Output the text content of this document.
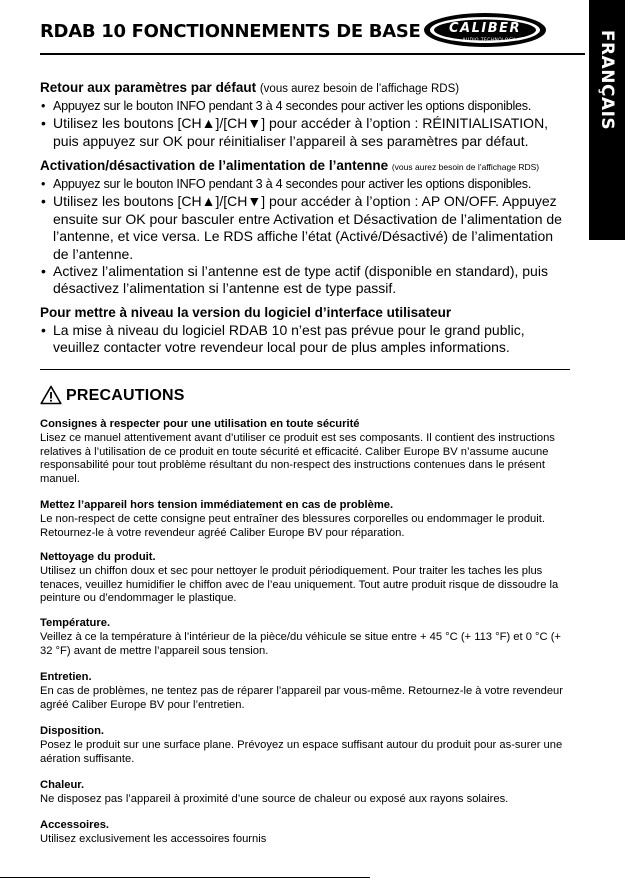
RDAB 10 FONCTIONNEMENTS DE BASE CALIBER
AUDIO TECHNOLOGY	FRANÇAIS
Retour aux paramètres par défaut (vous aurez besoin de l’affichage RDS)
• Appuyez sur le bouton INFO pendant 3 à 4 secondes pour activer les options disponibles.
• Utilisez les boutons [CH▲]/[CH▼] pour accéder à l’option : RÉINITIALISATION, puis appuyez sur OK pour réinitialiser l’appareil à ses paramètres par défaut.
Activation/désactivation de l’alimentation de l’antenne (vous aurez besoin de l’affichage RDS)
• Appuyez sur le bouton INFO pendant 3 à 4 secondes pour activer les options disponibles.
• Utilisez les boutons [CH▲]/[CH▼] pour accéder à l’option : AP ON/OFF. Appuyez ensuite sur OK pour basculer entre Activation et Désactivation de l’alimentation de l’antenne, et vice versa. Le RDS affiche l’état (Activé/Désactivé) de l’alimentation de l’antenne.
• Activez l’alimentation si l’antenne est de type actif (disponible en standard), puis désactivez l’alimentation si l’antenne est de type passif.
Pour mettre à niveau la version du logiciel d’interface utilisateur
• La mise à niveau du logiciel RDAB 10 n’est pas prévue pour le grand public, veuillez contacter votre revendeur local pour de plus amples informations.
PRECAUTIONS
Consignes à respecter pour une utilisation en toute sécurité
Lisez ce manuel attentivement avant d’utiliser ce produit est ses composants. Il contient des instructions relatives à l’utilisation de ce produit en toute sécurité et efficacité. Caliber Europe BV n’assume aucune responsabilité pour tout problème résultant du non-respect des instructions contenues dans le présent manuel.
Mettez l’appareil hors tension immédiatement en cas de problème.
Le non-respect de cette consigne peut entraîner des blessures corporelles ou endommager le produit. Retournez-le à votre revendeur agréé Caliber Europe BV pour réparation.
Nettoyage du produit.
Utilisez un chiffon doux et sec pour nettoyer le produit périodiquement. Pour traiter les taches les plus tenaces, veuillez humidifier le chiffon avec de l’eau uniquement. Tout autre produit risque de dissoudre la peinture ou d’endommager le plastique.
Température.
Veillez à ce la température à l’intérieur de la pièce/du véhicule se situe entre + 45 °C (+ 113 °F) et 0 °C (+ 32 °F) avant de mettre l’appareil sous tension.
Entretien.
En cas de problèmes, ne tentez pas de réparer l’appareil par vous-même. Retournez-le à votre revendeur agréé Caliber Europe BV pour l’entretien.
Disposition.
Posez le produit sur une surface plane. Prévoyez un espace suffisant autour du produit pour as-surer une aération suffisante.
Chaleur.
Ne disposez pas l’appareil à proximité d’une source de chaleur ou exposé aux rayons solaires.
Accessoires.
Utilisez exclusivement les accessoires fournis
